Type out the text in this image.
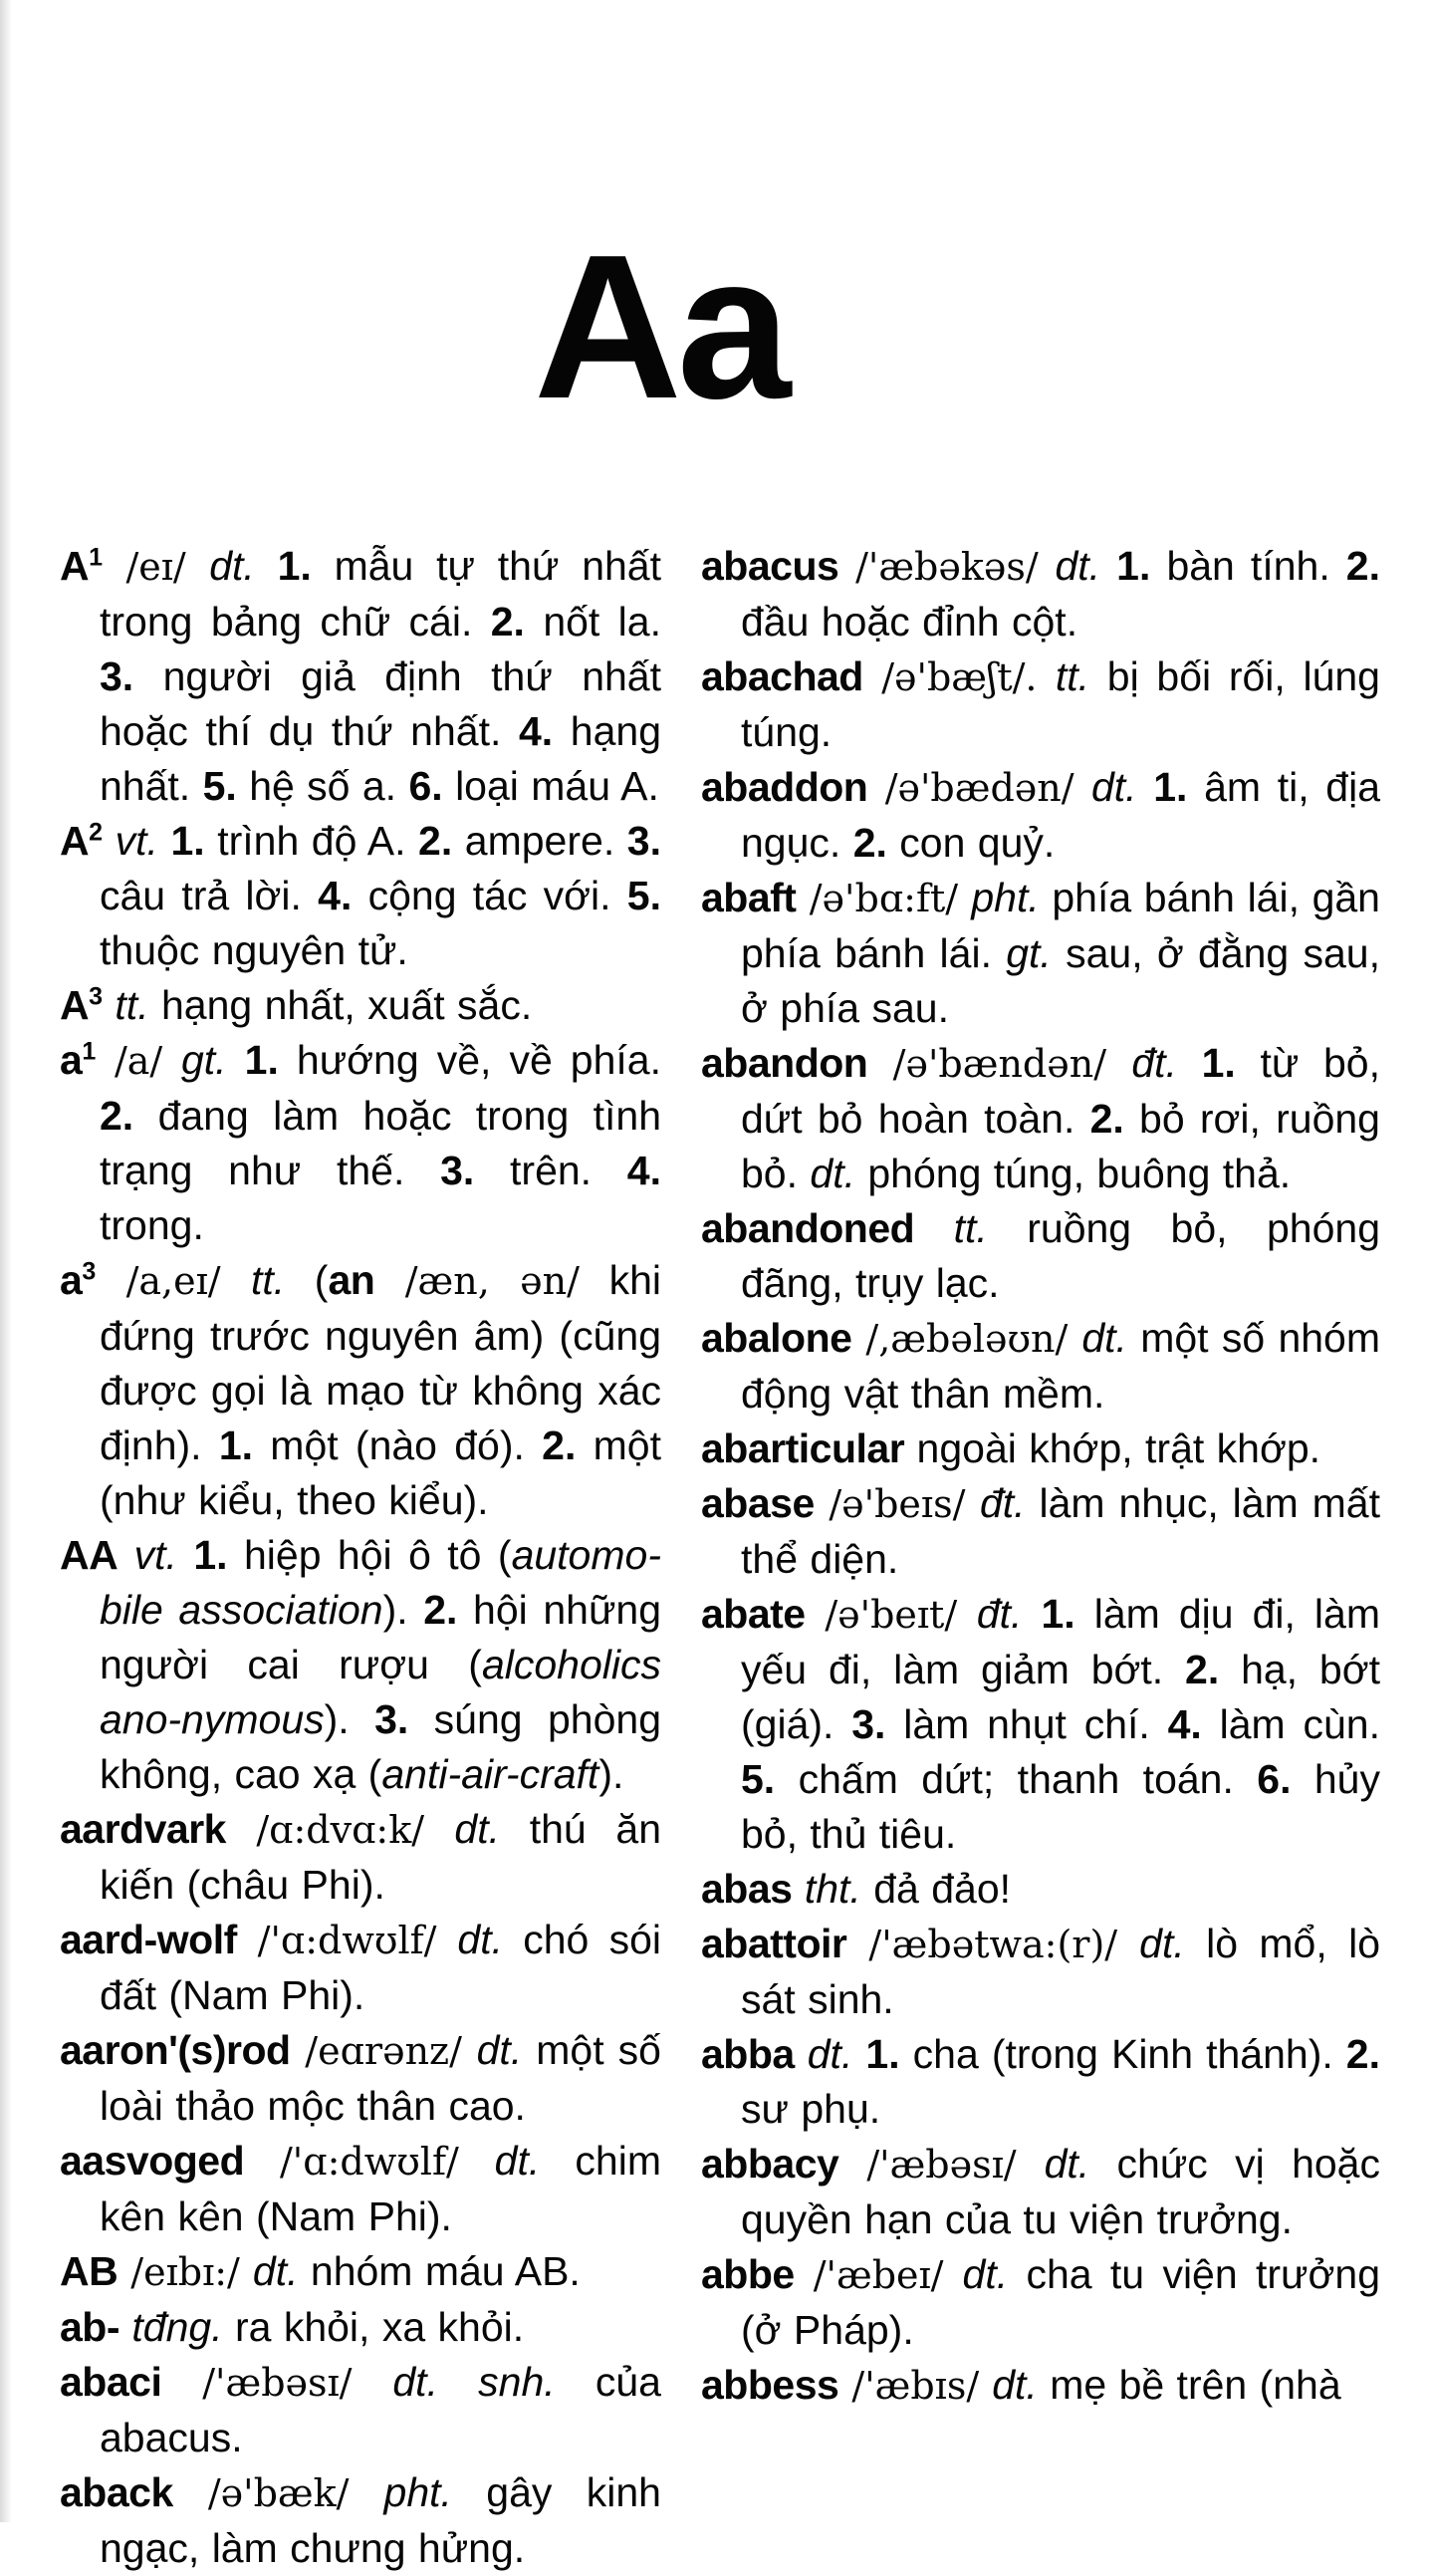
Aa

$A^1$ /eɪ/ dt. 1. mẫu tự thứ nhất trong bảng chữ cái. 2. nốt la. 3. người giả định thứ nhất hoặc thí dụ thứ nhất. 4. hạng nhất. 5. hệ số a. 6. loại máu A.

$A^2$ vt. 1. trình độ A. 2. ampere. 3. câu trả lời. 4. cộng tác với. 5. thuộc nguyên tử.

$A^3$ tt. hạng nhất, xuất sắc.

$a^1$ /a/ gt. 1. hướng về, về phía. 2. đang làm hoặc trong tình trạng như thế. 3. trên. 4. trong.

$a^3$ /a,eɪ/ tt. (an /æn, ən/ khi đứng trước nguyên âm) (cũng được gọi là mạo từ không xác định). 1. một (nào đó). 2. một (như kiểu, theo kiểu).

AA vt. 1. hiệp hội ô tô (automo-bile association). 2. hội những người cai rượu (alcoholics ano-nymous). 3. súng phòng không, cao xạ (anti-air-craft).

aardvark /ɑ:dvɑ:k/ dt. thú ăn kiến (châu Phi).

aard-wolf /'ɑ:dwʊlf/ dt. chó sói đất (Nam Phi).

aaron'(s)rod /eɑrənz/ dt. một số loài thảo mộc thân cao.

aasvoged /'ɑ:dwʊlf/ dt. chim kên kên (Nam Phi).

AB /eɪbɪ:/ dt. nhóm máu AB.

ab- tđng. ra khỏi, xa khỏi.

abaci /'æbəsɪ/ dt. snh. của abacus.

aback /ə'bæk/ pht. gây kinh ngạc, làm chưng hửng.

abacus /'æbəkəs/ dt. 1. bàn tính. 2. đầu hoặc đỉnh cột.

abachad /ə'bæʃt/. tt. bị bối rối, lúng túng.

abaddon /ə'bædən/ dt. 1. âm ti, địa ngục. 2. con quỷ.

abaft /ə'bɑ:ft/ pht. phía bánh lái, gần phía bánh lái. gt. sau, ở đằng sau, ở phía sau.

abandon /ə'bændən/ đt. 1. từ bỏ, dứt bỏ hoàn toàn. 2. bỏ rơi, ruồng bỏ. dt. phóng túng, buông thả.

abandoned tt. ruồng bỏ, phóng đãng, trụy lạc.

abalone /,æbələʊn/ dt. một số nhóm động vật thân mềm.

abarticular ngoài khớp, trật khớp.

abase /ə'beɪs/ đt. làm nhục, làm mất thể diện.

abate /ə'beɪt/ đt. 1. làm dịu đi, làm yếu đi, làm giảm bớt. 2. hạ, bớt (giá). 3. làm nhụt chí. 4. làm cùn. 5. chấm dứt; thanh toán. 6. hủy bỏ, thủ tiêu.

abas tht. đả đảo!

abattoir /'æbətwa:(r)/ dt. lò mổ, lò sát sinh.

abba dt. 1. cha (trong Kinh thánh). 2. sư phụ.

abbacy /'æbəsɪ/ dt. chức vị hoặc quyền hạn của tu viện trưởng.

abbe /'æbeɪ/ dt. cha tu viện trưởng (ở Pháp).

abbess /'æbɪs/ dt. mẹ bề trên (nhà
